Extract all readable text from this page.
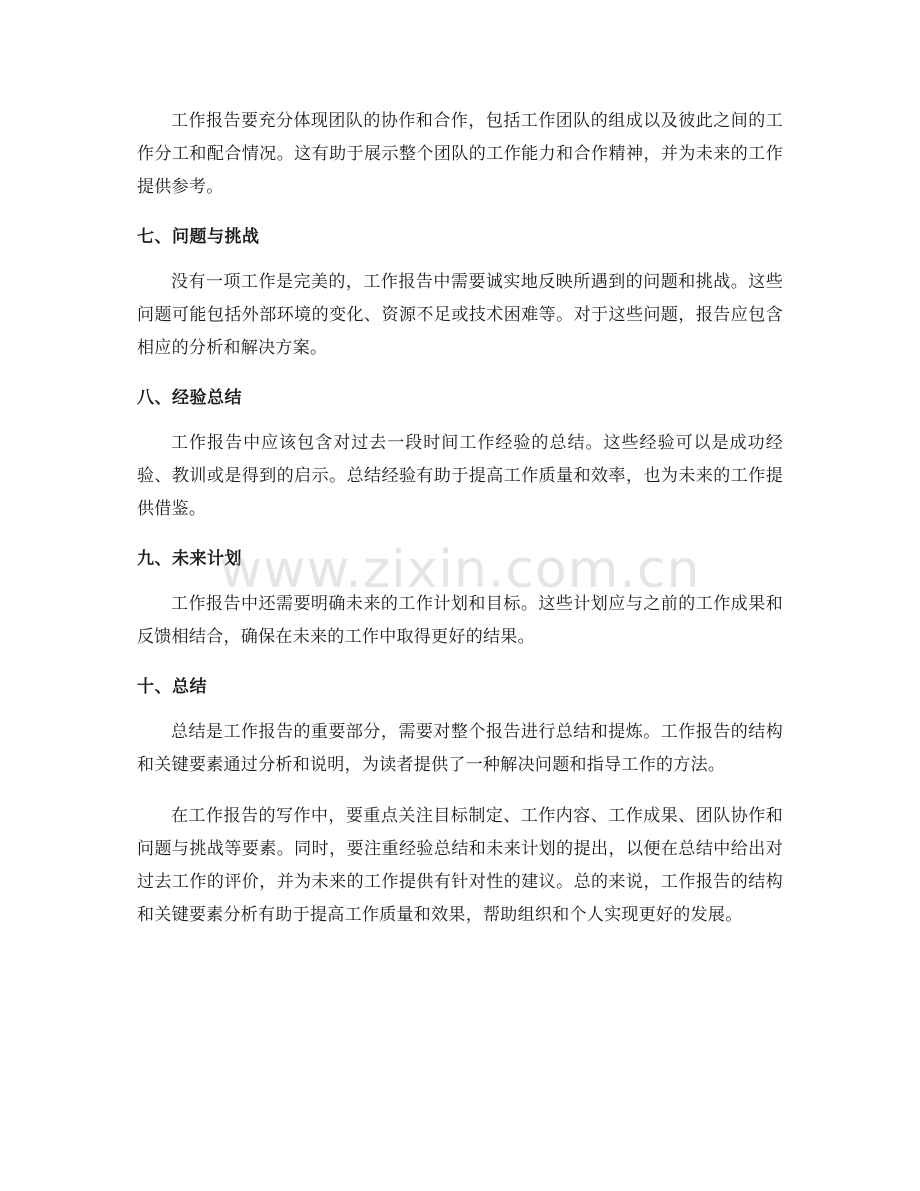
工作报告要充分体现团队的协作和合作，包括工作团队的组成以及彼此之间的工作分工和配合情况。这有助于展示整个团队的工作能力和合作精神，并为未来的工作提供参考。

七、问题与挑战

没有一项工作是完美的，工作报告中需要诚实地反映所遇到的问题和挑战。这些问题可能包括外部环境的变化、资源不足或技术困难等。对于这些问题，报告应包含相应的分析和解决方案。

八、经验总结

工作报告中应该包含对过去一段时间工作经验的总结。这些经验可以是成功经验、教训或是得到的启示。总结经验有助于提高工作质量和效率，也为未来的工作提供借鉴。

九、未来计划

工作报告中还需要明确未来的工作计划和目标。这些计划应与之前的工作成果和反馈相结合，确保在未来的工作中取得更好的结果。

十、总结

总结是工作报告的重要部分，需要对整个报告进行总结和提炼。工作报告的结构和关键要素通过分析和说明，为读者提供了一种解决问题和指导工作的方法。

在工作报告的写作中，要重点关注目标制定、工作内容、工作成果、团队协作和问题与挑战等要素。同时，要注重经验总结和未来计划的提出，以便在总结中给出对过去工作的评价，并为未来的工作提供有针对性的建议。总的来说，工作报告的结构和关键要素分析有助于提高工作质量和效果，帮助组织和个人实现更好的发展。

www.zixin.com.cn
